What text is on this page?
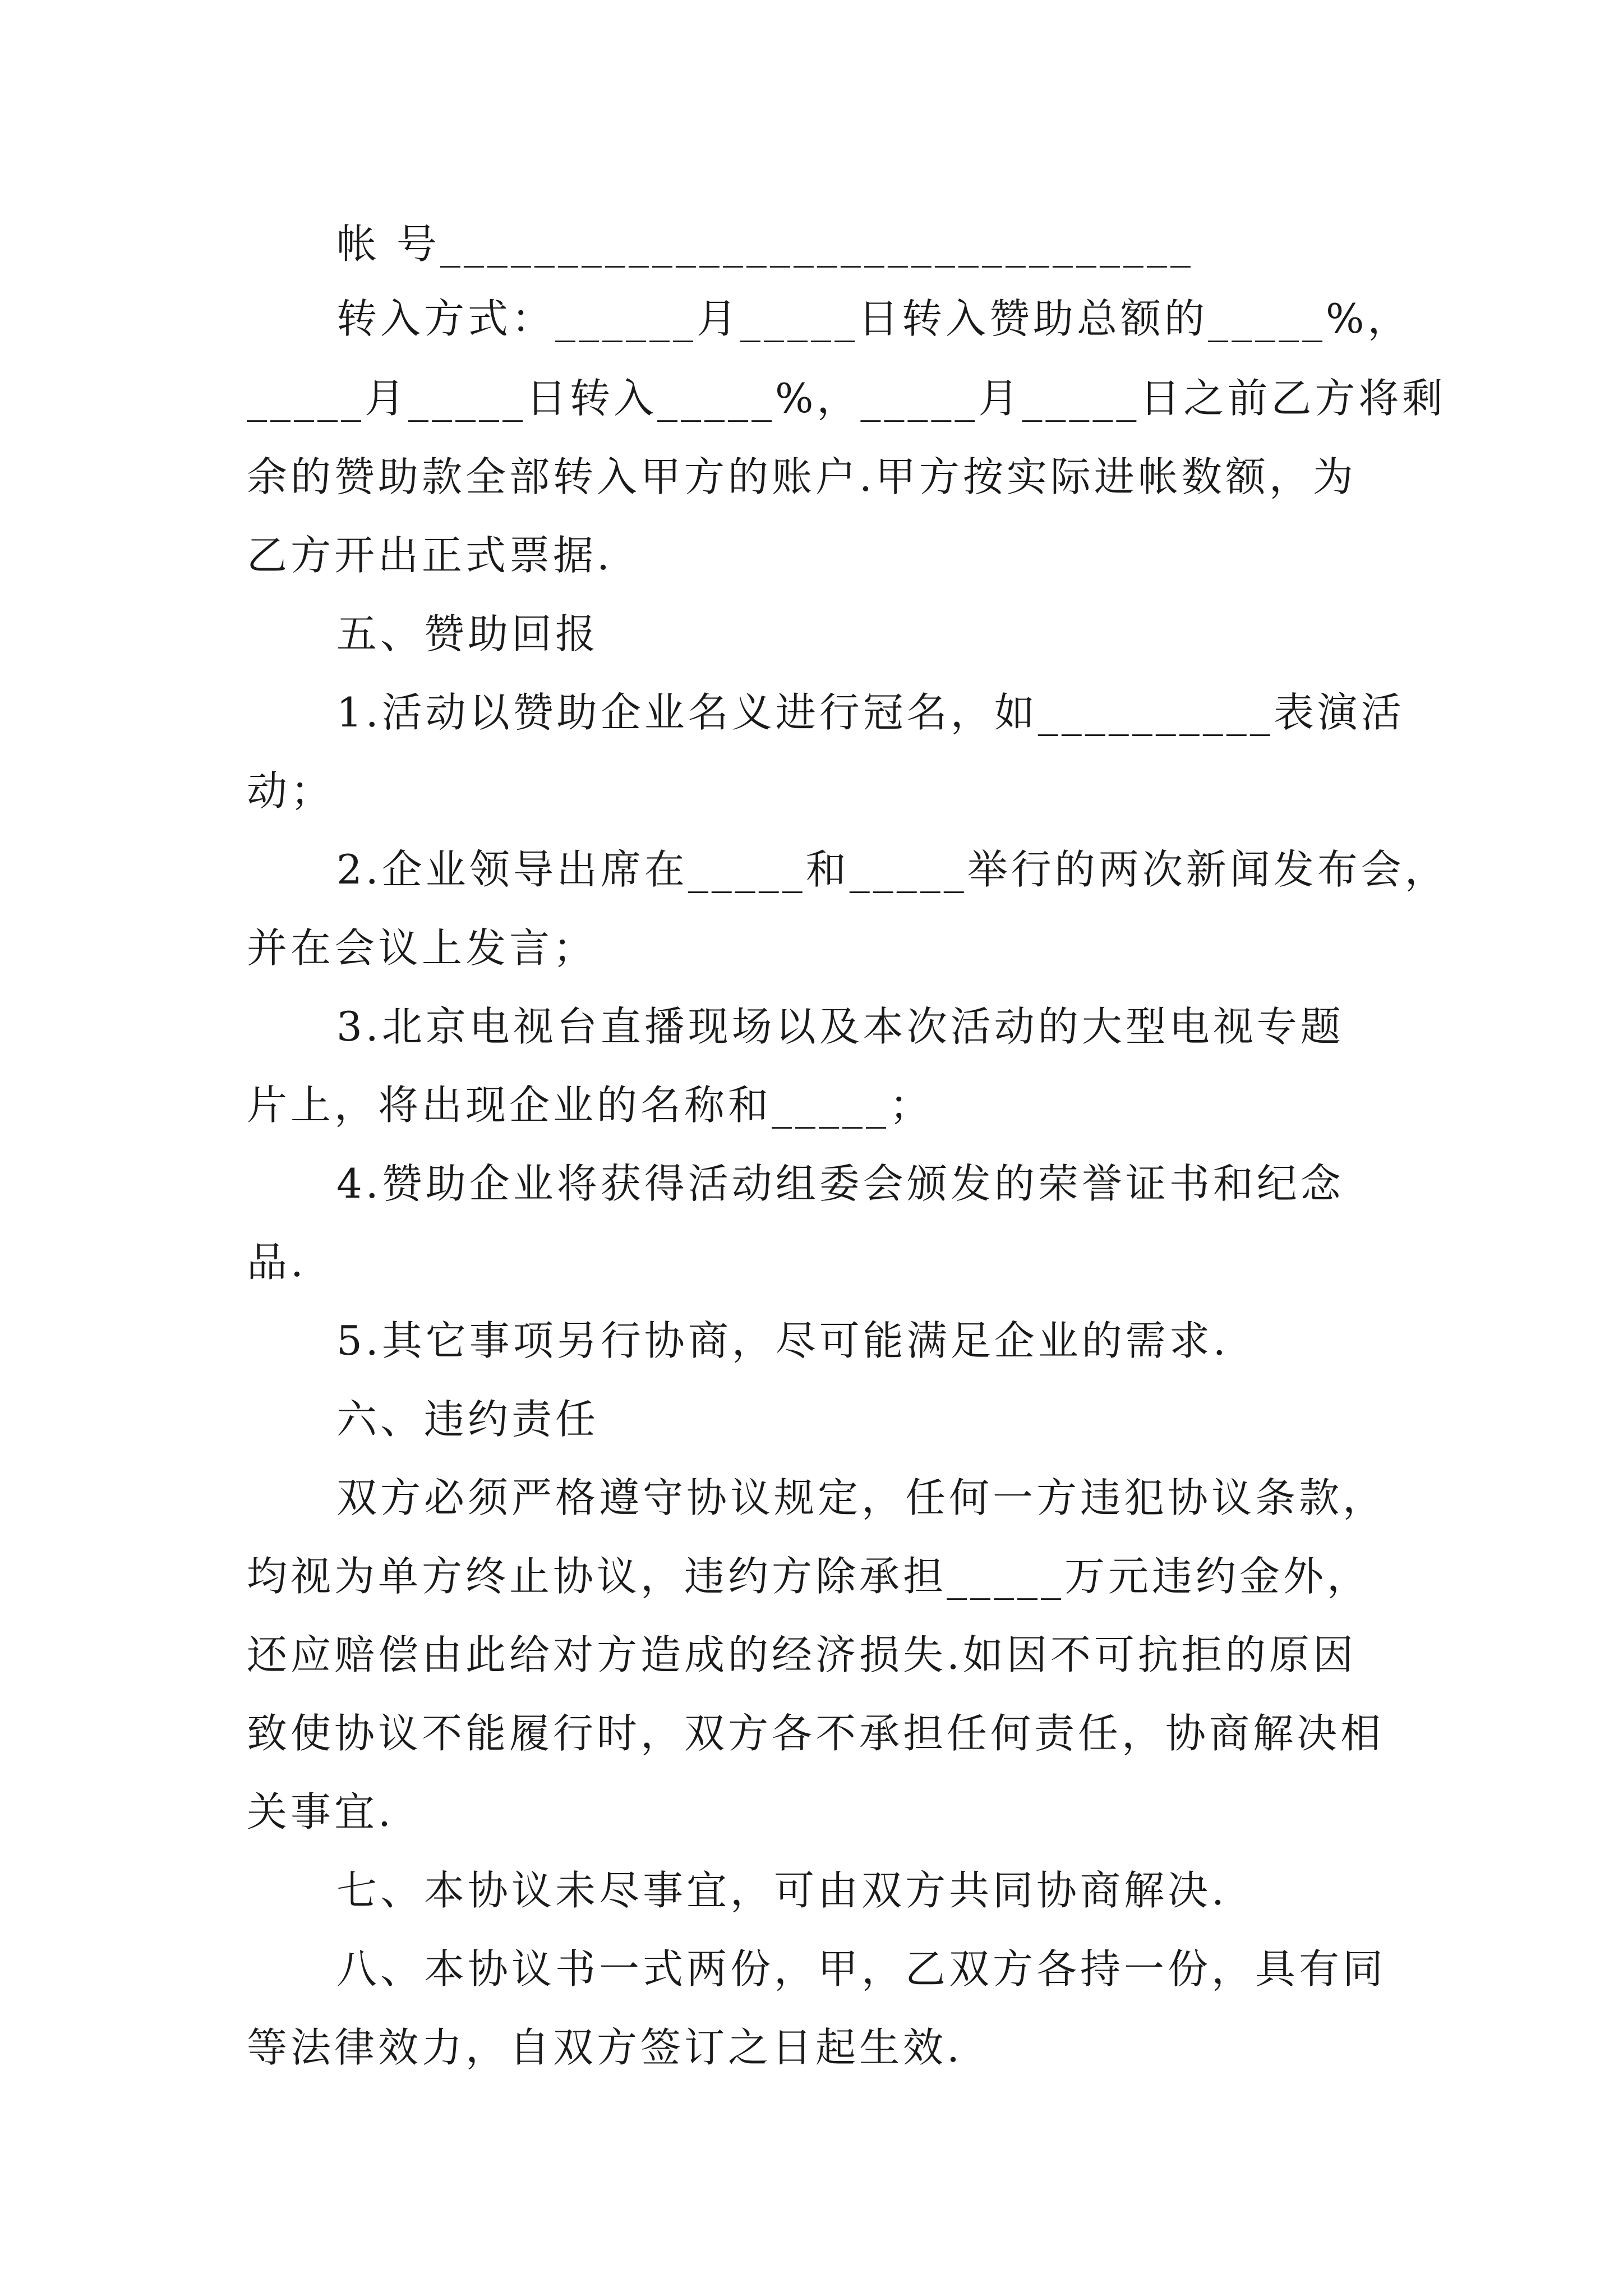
帐 号________________________________
转入方式：______月_____日转入赞助总额的_____%，
_____月_____日转入_____%，_____月_____日之前乙方将剩
余的赞助款全部转入甲方的账户.甲方按实际进帐数额，为
乙方开出正式票据.
五、赞助回报
1.活动以赞助企业名义进行冠名，如__________表演活
动；
2.企业领导出席在_____和_____举行的两次新闻发布会，
并在会议上发言；
3.北京电视台直播现场以及本次活动的大型电视专题
片上，将出现企业的名称和_____；
4.赞助企业将获得活动组委会颁发的荣誉证书和纪念
品.
5.其它事项另行协商，尽可能满足企业的需求.
六、违约责任
双方必须严格遵守协议规定，任何一方违犯协议条款，
均视为单方终止协议，违约方除承担_____万元违约金外，
还应赔偿由此给对方造成的经济损失.如因不可抗拒的原因
致使协议不能履行时，双方各不承担任何责任，协商解决相
关事宜.
七、本协议未尽事宜，可由双方共同协商解决.
八、本协议书一式两份，甲，乙双方各持一份，具有同
等法律效力，自双方签订之日起生效.
